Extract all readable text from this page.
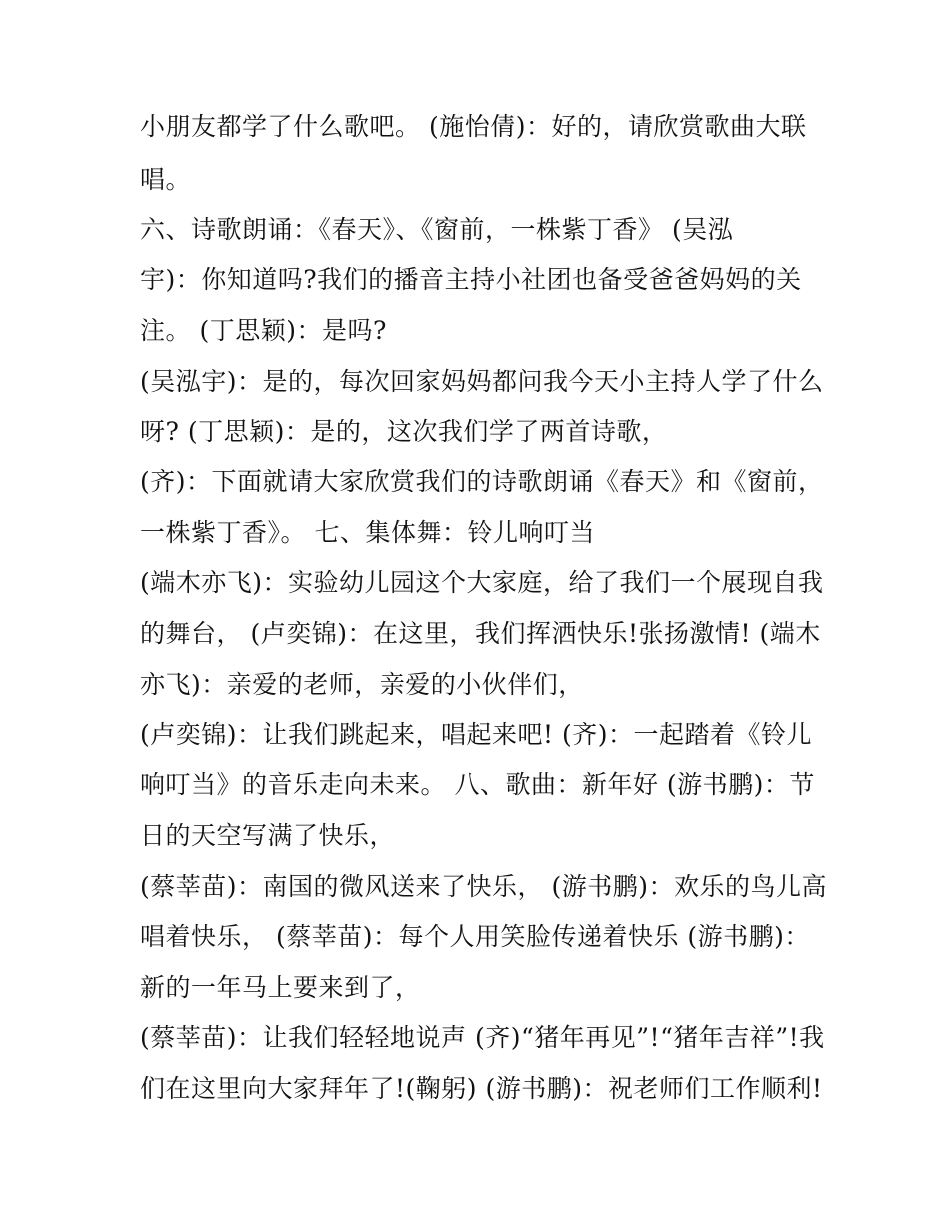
小朋友都学了什么歌吧。 (施怡倩)：好的，请欣赏歌曲大联
唱。
六、诗歌朗诵：《春天》、《窗前，一株紫丁香》 (吴泓
宇)：你知道吗?我们的播音主持小社团也备受爸爸妈妈的关
注。 (丁思颖)：是吗?
(吴泓宇)：是的，每次回家妈妈都问我今天小主持人学了什么
呀? (丁思颖)：是的，这次我们学了两首诗歌，
(齐)：下面就请大家欣赏我们的诗歌朗诵《春天》和《窗前，
一株紫丁香》。 七、集体舞：铃儿响叮当
(端木亦飞)：实验幼儿园这个大家庭，给了我们一个展现自我
的舞台， (卢奕锦)：在这里，我们挥洒快乐!张扬激情! (端木
亦飞)：亲爱的老师，亲爱的小伙伴们，
(卢奕锦)：让我们跳起来，唱起来吧! (齐)：一起踏着《铃儿
响叮当》的音乐走向未来。 八、歌曲：新年好 (游书鹏)：节
日的天空写满了快乐，
(蔡莘苗)：南国的微风送来了快乐， (游书鹏)：欢乐的鸟儿高
唱着快乐， (蔡莘苗)：每个人用笑脸传递着快乐 (游书鹏)：
新的一年马上要来到了，
(蔡莘苗)：让我们轻轻地说声 (齐)“猪年再见”!“猪年吉祥”!我
们在这里向大家拜年了!(鞠躬) (游书鹏)：祝老师们工作顺利!
